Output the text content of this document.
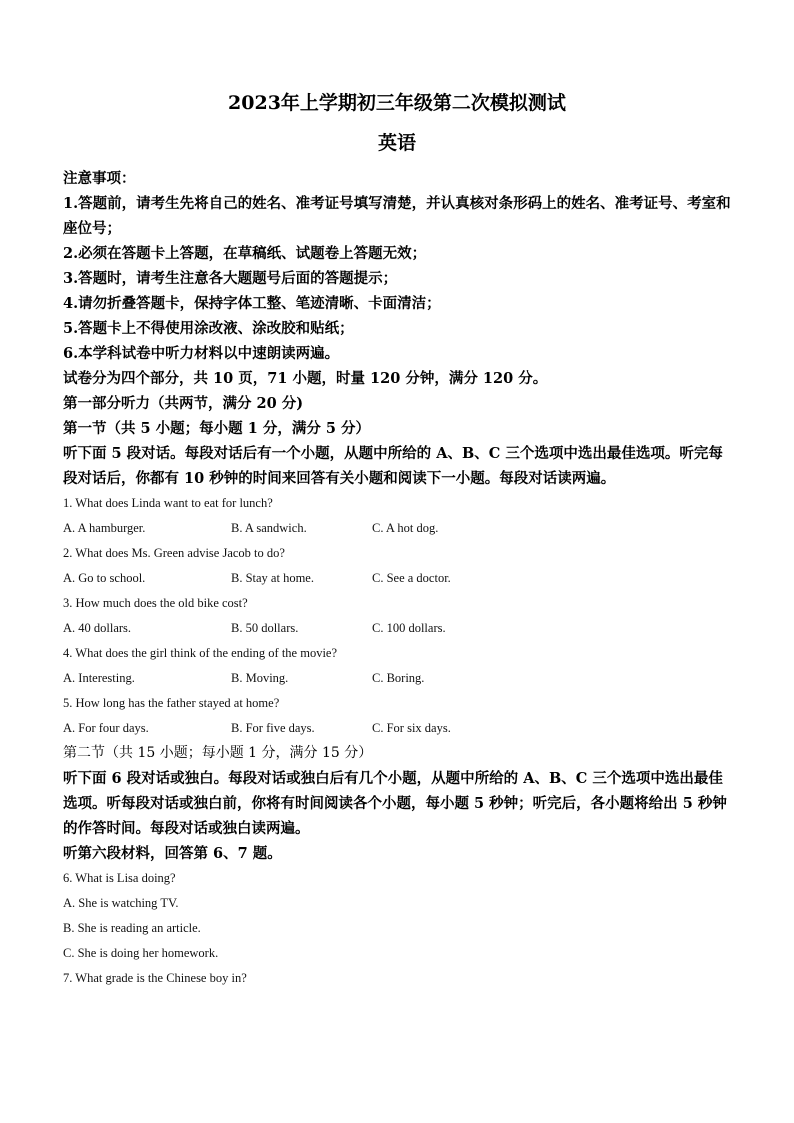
2023年上学期初三年级第二次模拟测试

英语

注意事项：

1.答题前，请考生先将自己的姓名、准考证号填写清楚，并认真核对条形码上的姓名、准考证号、考室和座位号；

2.必须在答题卡上答题，在草稿纸、试题卷上答题无效；

3.答题时，请考生注意各大题题号后面的答题提示；

4.请勿折叠答题卡，保持字体工整、笔迹清晰、卡面清洁；

5.答题卡上不得使用涂改液、涂改胶和贴纸；

6.本学科试卷中听力材料以中速朗读两遍。

试卷分为四个部分，共 10 页，71 小题，时量 120 分钟，满分 120 分。

第一部分听力（共两节，满分 20 分)

第一节（共 5 小题；每小题 1 分，满分 5 分）

听下面 5 段对话。每段对话后有一个小题，从题中所给的 A、B、C 三个选项中选出最佳选项。听完每段对话后，你都有 10 秒钟的时间来回答有关小题和阅读下一小题。每段对话读两遍。

1. What does Linda want to eat for lunch?

A. A hamburger.	B. A sandwich.	C. A hot dog.

2. What does Ms. Green advise Jacob to do?

A. Go to school.	B. Stay at home.	C. See a doctor.

3. How much does the old bike cost?

A. 40 dollars.	B. 50 dollars.	C. 100 dollars.

4. What does the girl think of the ending of the movie?

A. Interesting.	B. Moving.	C. Boring.

5. How long has the father stayed at home?

A. For four days.	B. For five days.	C. For six days.

第二节（共 15 小题；每小题 1 分，满分 15 分）

听下面 6 段对话或独白。每段对话或独白后有几个小题，从题中所给的 A、B、C 三个选项中选出最佳选项。听每段对话或独白前，你将有时间阅读各个小题，每小题 5 秒钟；听完后，各小题将给出 5 秒钟的作答时间。每段对话或独白读两遍。

听第六段材料，回答第 6、7 题。

6. What is Lisa doing?

A. She is watching TV.

B. She is reading an article.

C. She is doing her homework.

7. What grade is the Chinese boy in?
